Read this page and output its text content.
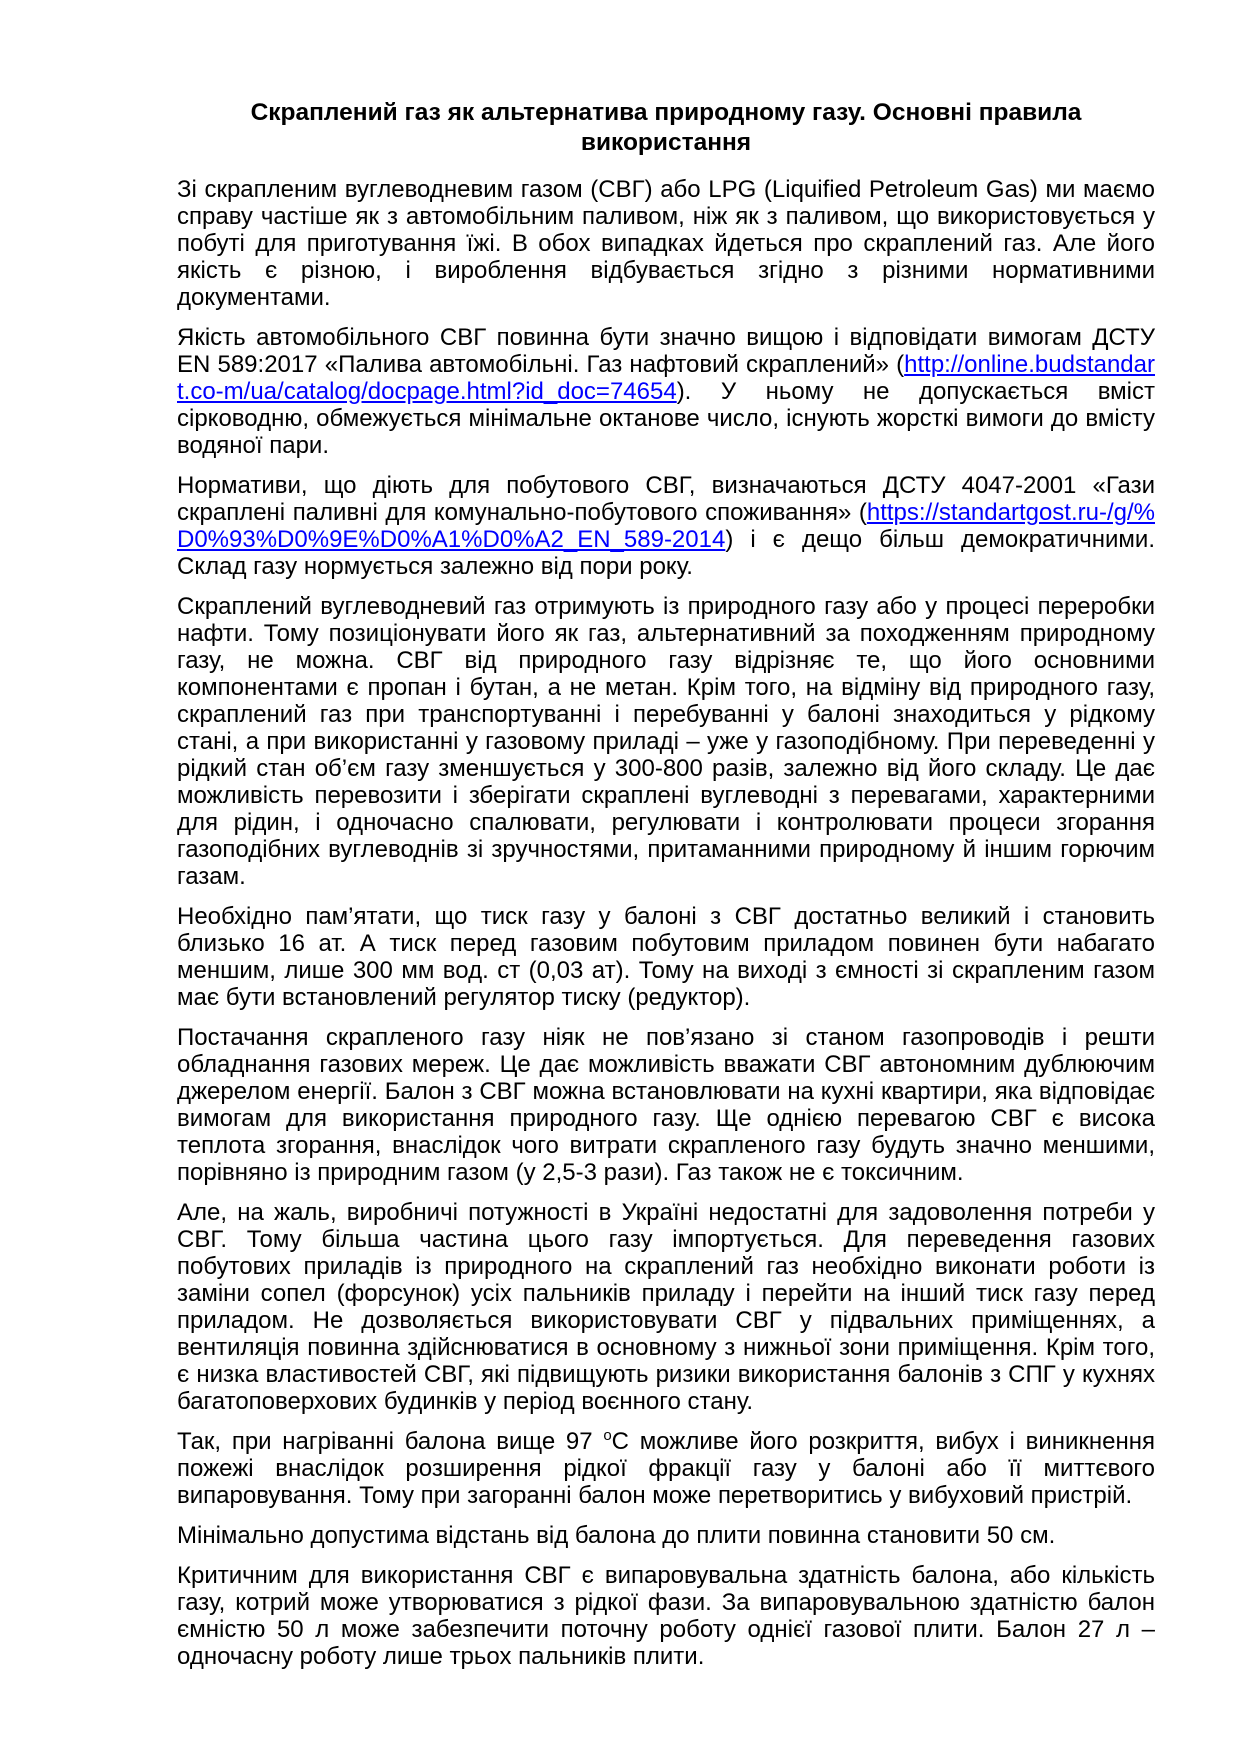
Скраплений газ як альтернатива природному газу. Основні правила використання

Зі скрапленим вуглеводневим газом (СВГ) або LPG (Liquified Petroleum Gas) ми маємо справу частіше як з автомобільним паливом, ніж як з паливом, що використовується у побуті для приготування їжі. В обох випадках йдеться про скраплений газ. Але його якість є різною, і вироблення відбувається згідно з різними нормативними документами.

Якість автомобільного СВГ повинна бути значно вищою і відповідати вимогам ДСТУ EN 589:2017 «Палива автомобільні. Газ нафтовий скраплений» (http://online.budstandart.co-m/ua/catalog/docpage.html?id_doc=74654). У ньому не допускається вміст сірководню, обмежується мінімальне октанове число, існують жорсткі вимоги до вмісту водяної пари.

Нормативи, що діють для побутового СВГ, визначаються ДСТУ 4047-2001 «Гази скраплені паливні для комунально-побутового споживання» (https://standartgost.ru-/g/%D0%93%D0%9E%D0%A1%D0%A2_EN_589-2014) і є дещо більш демократичними. Склад газу нормується залежно від пори року.

Скраплений вуглеводневий газ отримують із природного газу або у процесі переробки нафти. Тому позиціонувати його як газ, альтернативний за походженням природному газу, не можна. СВГ від природного газу відрізняє те, що його основними компонентами є пропан і бутан, а не метан. Крім того, на відміну від природного газу, скраплений газ при транспортуванні і перебуванні у балоні знаходиться у рідкому стані, а при використанні у газовому приладі – уже у газоподібному. При переведенні у рідкий стан об’єм газу зменшується у 300-800 разів, залежно від його складу. Це дає можливість перевозити і зберігати скраплені вуглеводні з перевагами, характерними для рідин, і одночасно спалювати, регулювати і контролювати процеси згорання газоподібних вуглеводнів зі зручностями, притаманними природному й іншим горючим газам.

Необхідно пам’ятати, що тиск газу у балоні з СВГ достатньо великий і становить близько 16 ат. А тиск перед газовим побутовим приладом повинен бути набагато меншим, лише 300 мм вод. ст (0,03 ат). Тому на виході з ємності зі скрапленим газом має бути встановлений регулятор тиску (редуктор).

Постачання скрапленого газу ніяк не пов’язано зі станом газопроводів і решти обладнання газових мереж. Це дає можливість вважати СВГ автономним дублюючим джерелом енергії. Балон з СВГ можна встановлювати на кухні квартири, яка відповідає вимогам для використання природного газу. Ще однією перевагою СВГ є висока теплота згорання, внаслідок чого витрати скрапленого газу будуть значно меншими, порівняно із природним газом (у 2,5-3 рази). Газ також не є токсичним.

Але, на жаль, виробничі потужності в Україні недостатні для задоволення потреби у СВГ. Тому більша частина цього газу імпортується. Для переведення газових побутових приладів із природного на скраплений газ необхідно виконати роботи із заміни сопел (форсунок) усіх пальників приладу і перейти на інший тиск газу перед приладом. Не дозволяється використовувати СВГ у підвальних приміщеннях, а вентиляція повинна здійснюватися в основному з нижньої зони приміщення. Крім того, є низка властивостей СВГ, які підвищують ризики використання балонів з СПГ у кухнях багатоповерхових будинків у період воєнного стану.

Так, при нагріванні балона вище 97 $^о$С можливе його розкриття, вибух і виникнення пожежі внаслідок розширення рідкої фракції газу у балоні або її миттєвого випаровування. Тому при загоранні балон може перетворитись у вибуховий пристрій.

Мінімально допустима відстань від балона до плити повинна становити 50 см.

Критичним для використання СВГ є випаровувальна здатність балона, або кількість газу, котрий може утворюватися з рідкої фази. За випаровувальною здатністю балон ємністю 50 л може забезпечити поточну роботу однієї газової плити. Балон 27 л – одночасну роботу лише трьох пальників плити.
